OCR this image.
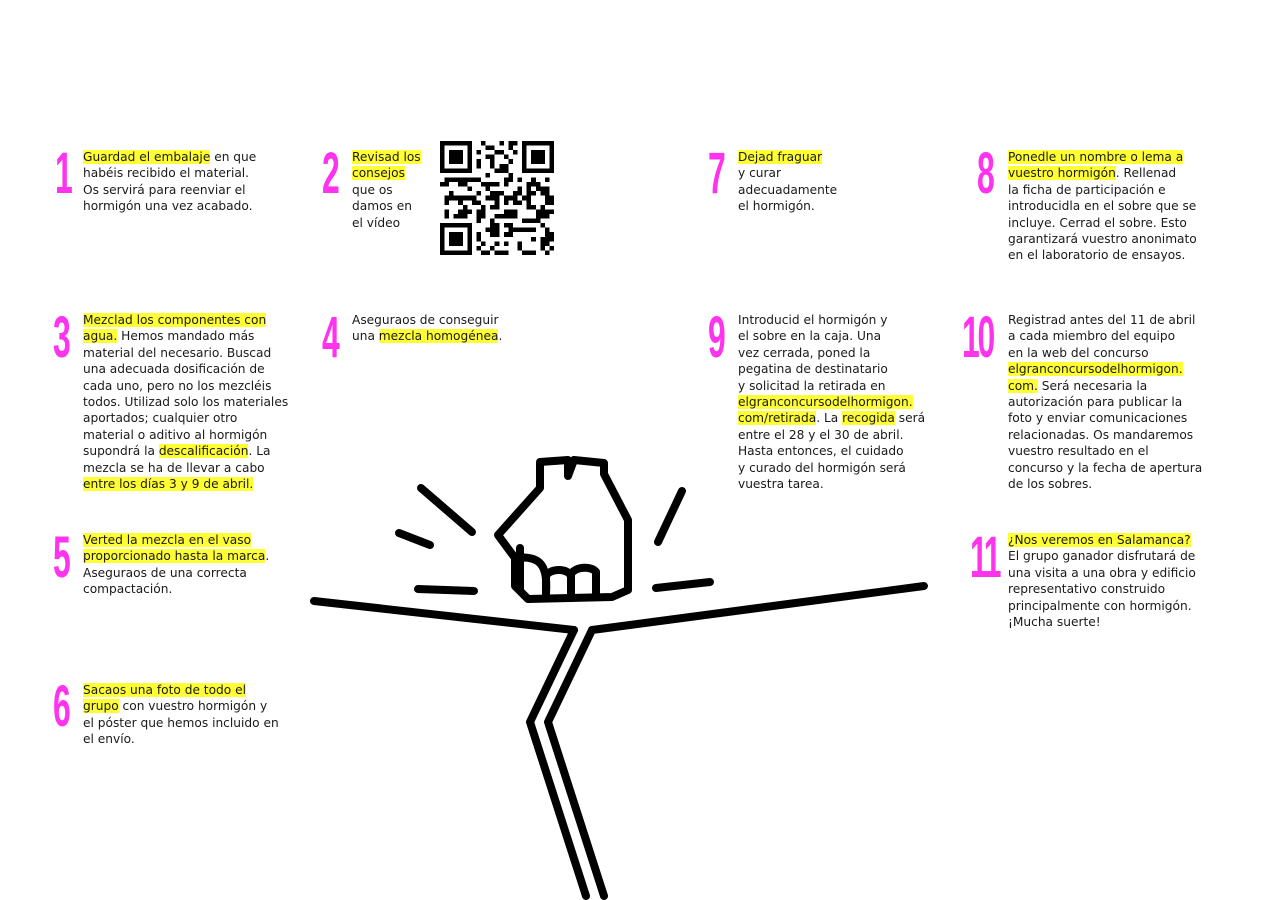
1 Guardad el embalaje en que
habéis recibido el material.
Os servirá para reenviar el
hormigón una vez acabado.
2 Revisad los
consejos
que os
damos en
el vídeo
3 Mezclad los componentes con
agua. Hemos mandado más
material del necesario. Buscad
una adecuada dosificación de
cada uno, pero no los mezcléis
todos. Utilizad solo los materiales
aportados; cualquier otro
material o aditivo al hormigón
supondrá la descalificación. La
mezcla se ha de llevar a cabo
entre los días 3 y 9 de abril.
4 Aseguraos de conseguir
una mezcla homogénea.
5 Verted la mezcla en el vaso
proporcionado hasta la marca.
Aseguraos de una correcta
compactación.
6 Sacaos una foto de todo el
grupo con vuestro hormigón y
el póster que hemos incluido en
el envío.
7 Dejad fraguar
y curar
adecuadamente
el hormigón.
8 Ponedle un nombre o lema a
vuestro hormigón. Rellenad
la ficha de participación e
introducidla en el sobre que se
incluye. Cerrad el sobre. Esto
garantizará vuestro anonimato
en el laboratorio de ensayos.
9 Introducid el hormigón y
el sobre en la caja. Una
vez cerrada, poned la
pegatina de destinatario
y solicitad la retirada en
elgranconcursodelhormigon.
com/retirada. La recogida será
entre el 28 y el 30 de abril.
Hasta entonces, el cuidado
y curado del hormigón será
vuestra tarea.
10 Registrad antes del 11 de abril
a cada miembro del equipo
en la web del concurso
elgranconcursodelhormigon.
com. Será necesaria la
autorización para publicar la
foto y enviar comunicaciones
relacionadas. Os mandaremos
vuestro resultado en el
concurso y la fecha de apertura
de los sobres.
11 ¿Nos veremos en Salamanca?
El grupo ganador disfrutará de
una visita a una obra y edificio
representativo construido
principalmente con hormigón.
¡Mucha suerte!
